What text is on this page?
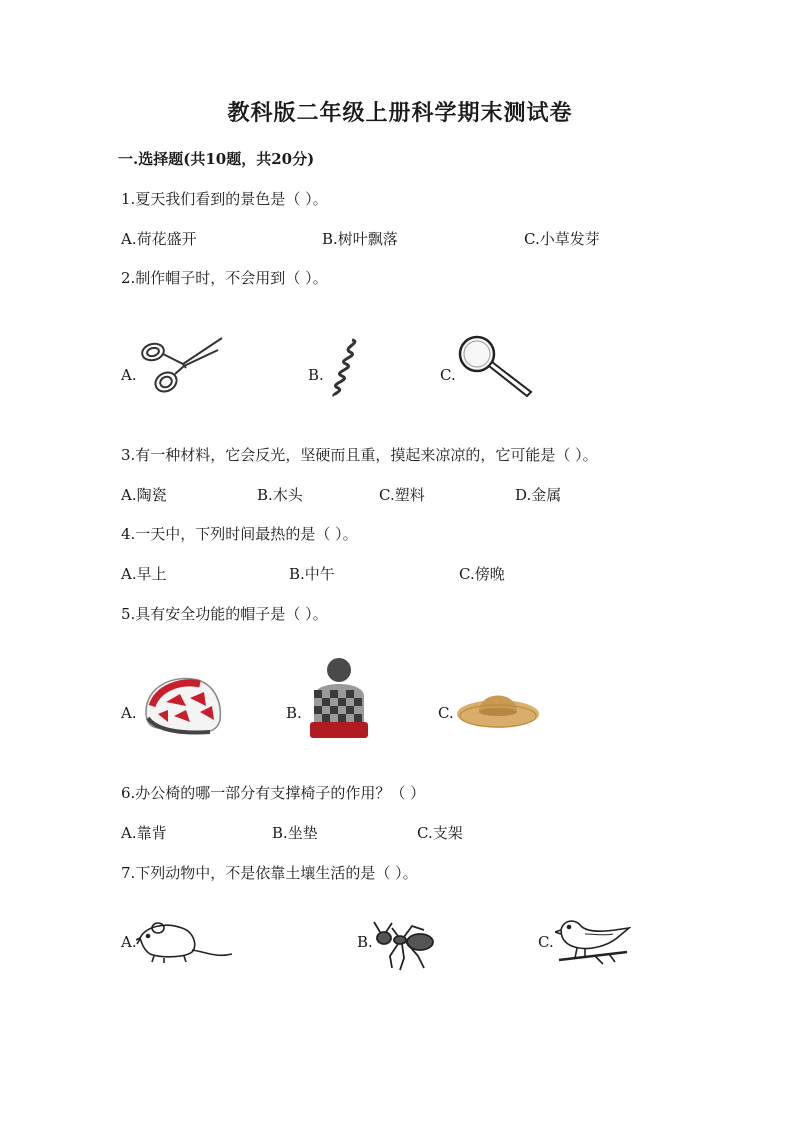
教科版二年级上册科学期末测试卷
一.选择题(共10题，共20分)
1.夏天我们看到的景色是（ ）。
A.荷花盛开	B.树叶飘落	C.小草发芽
2.制作帽子时，不会用到（ ）。
A.	B.	C.
3.有一种材料，它会反光，坚硬而且重，摸起来凉凉的，它可能是（ ）。
A.陶瓷	B.木头	C.塑料	D.金属
4.一天中，下列时间最热的是（ ）。
A.早上	B.中午	C.傍晚
5.具有安全功能的帽子是（ ）。
A.	B.	C.
6.办公椅的哪一部分有支撑椅子的作用？（ ）
A.靠背	B.坐垫	C.支架
7.下列动物中，不是依靠土壤生活的是（ ）。
A.	B.	C.
